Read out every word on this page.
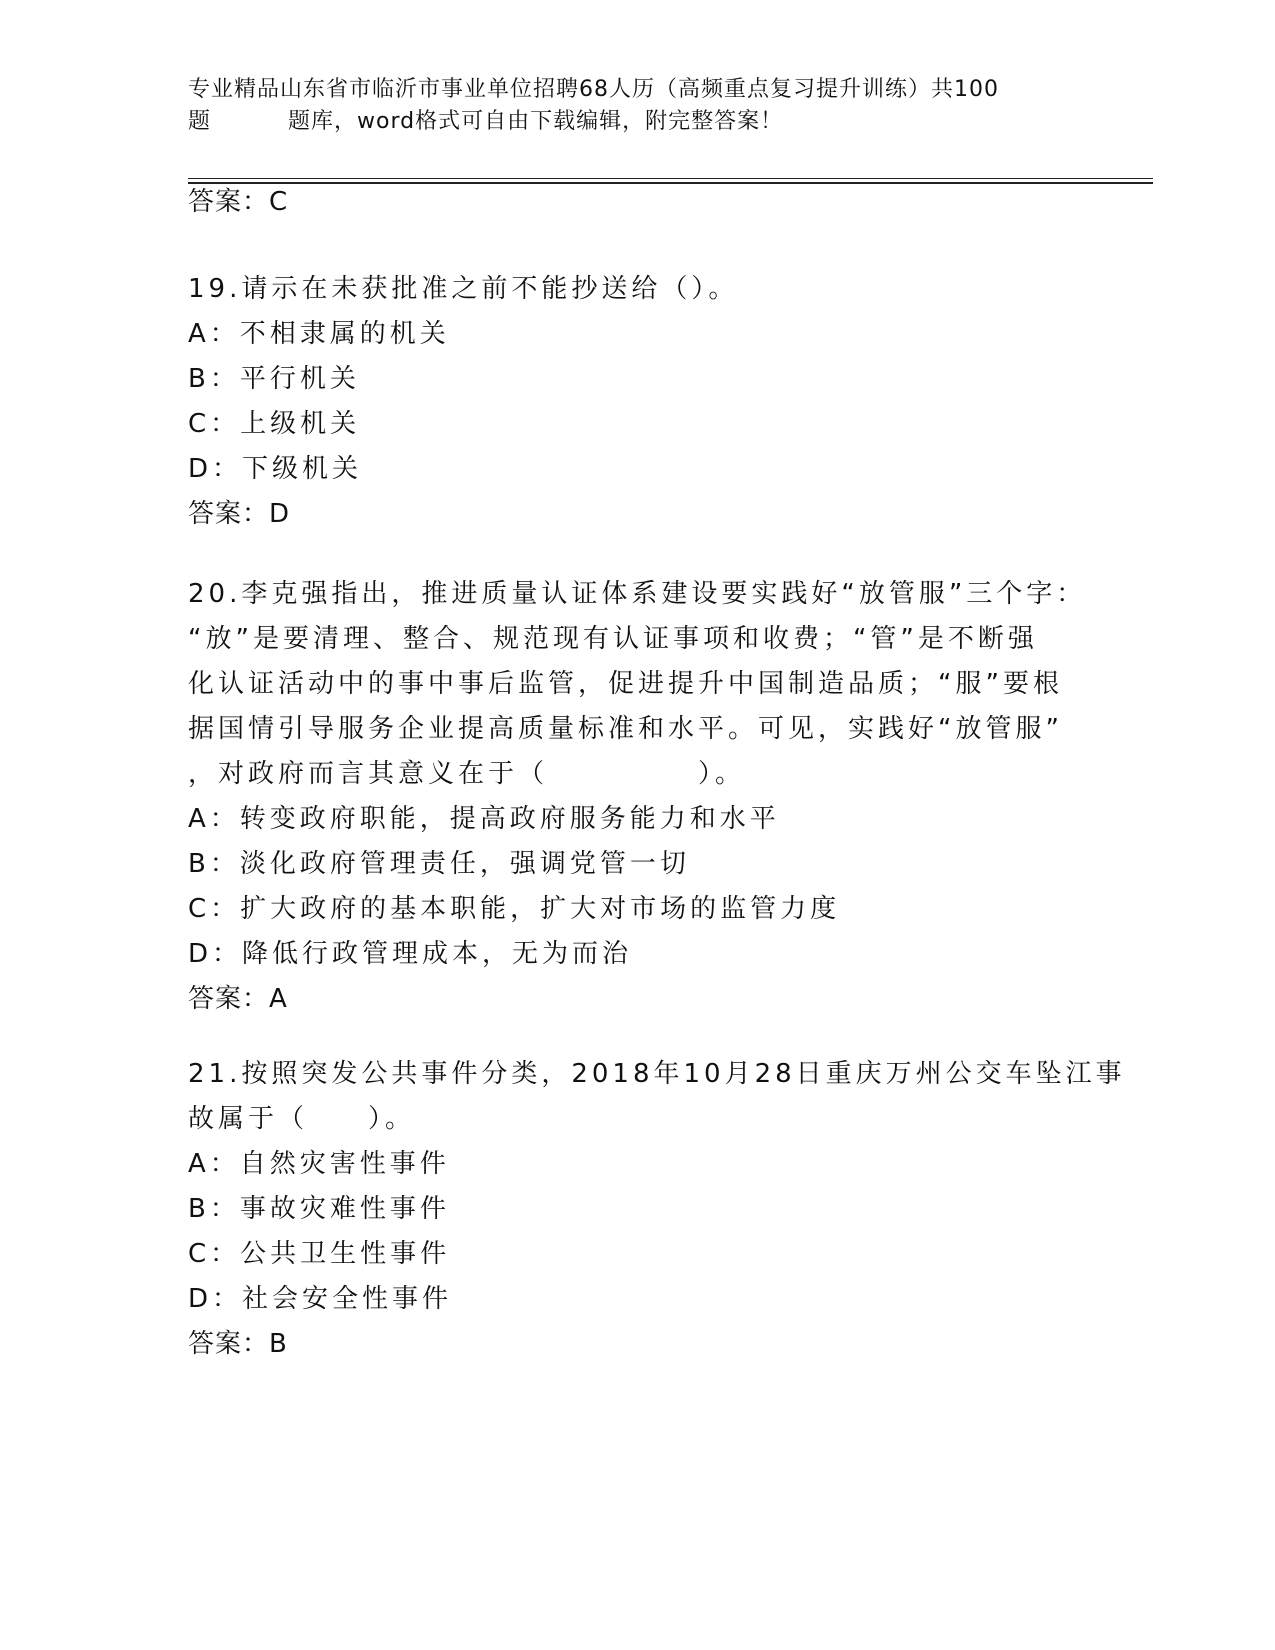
专业精品山东省市临沂市事业单位招聘68人历（高频重点复习提升训练）共100
题	题库，word格式可自由下载编辑，附完整答案！
答案：C
19.请示在未获批准之前不能抄送给（）。
A：不相隶属的机关
B：平行机关
C：上级机关
D：下级机关
答案：D
20.李克强指出，推进质量认证体系建设要实践好“放管服”三个字：
“放”是要清理、整合、规范现有认证事项和收费；“管”是不断强
化认证活动中的事中事后监管，促进提升中国制造品质；“服”要根
据国情引导服务企业提高质量标准和水平。可见，实践好“放管服”
，对政府而言其意义在于（　　　　　）。
A：转变政府职能，提高政府服务能力和水平
B：淡化政府管理责任，强调党管一切
C：扩大政府的基本职能，扩大对市场的监管力度
D：降低行政管理成本，无为而治
答案：A
21.按照突发公共事件分类，2018年10月28日重庆万州公交车坠江事
故属于（　　）。
A：自然灾害性事件
B：事故灾难性事件
C：公共卫生性事件
D：社会安全性事件
答案：B
